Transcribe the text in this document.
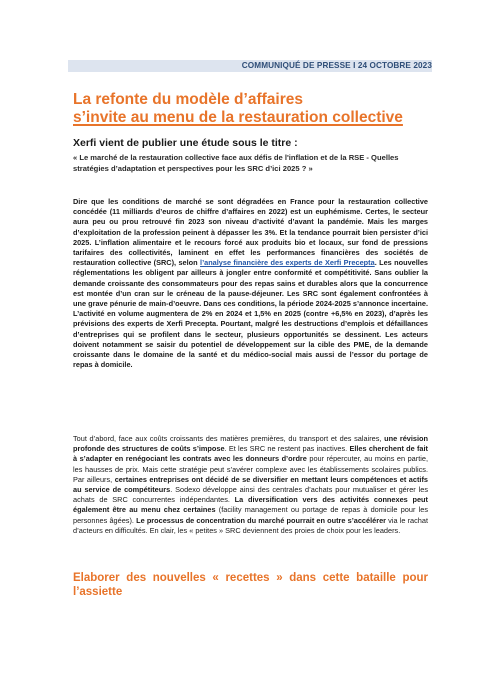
COMMUNIQUÉ DE PRESSE I 24 OCTOBRE 2023
La refonte du modèle d’affaires
s’invite au menu de la restauration collective
Xerfi vient de publier une étude sous le titre :
« Le marché de la restauration collective face aux défis de l'inflation et de la RSE - Quelles stratégies d’adaptation et perspectives pour les SRC d’ici 2025 ? »
Dire que les conditions de marché se sont dégradées en France pour la restauration collective concédée (11 milliards d’euros de chiffre d’affaires en 2022) est un euphémisme. Certes, le secteur aura peu ou prou retrouvé fin 2023 son niveau d’activité d’avant la pandémie. Mais les marges d’exploitation de la profession peinent à dépasser les 3%. Et la tendance pourrait bien persister d’ici 2025. L’inflation alimentaire et le recours forcé aux produits bio et locaux, sur fond de pressions tarifaires des collectivités, laminent en effet les performances financières des sociétés de restauration collective (SRC), selon l’analyse financière des experts de Xerfi Precepta. Les nouvelles réglementations les obligent par ailleurs à jongler entre conformité et compétitivité. Sans oublier la demande croissante des consommateurs pour des repas sains et durables alors que la concurrence est montée d’un cran sur le créneau de la pause-déjeuner. Les SRC sont également confrontées à une grave pénurie de main-d’oeuvre. Dans ces conditions, la période 2024-2025 s’annonce incertaine. L’activité en volume augmentera de 2% en 2024 et 1,5% en 2025 (contre +6,5% en 2023), d’après les prévisions des experts de Xerfi Precepta. Pourtant, malgré les destructions d’emplois et défaillances d’entreprises qui se profilent dans le secteur, plusieurs opportunités se dessinent. Les acteurs doivent notamment se saisir du potentiel de développement sur la cible des PME, de la demande croissante dans le domaine de la santé et du médico-social mais aussi de l’essor du portage de repas à domicile.
Tout d’abord, face aux coûts croissants des matières premières, du transport et des salaires, une révision profonde des structures de coûts s’impose. Et les SRC ne restent pas inactives. Elles cherchent de fait à s’adapter en renégociant les contrats avec les donneurs d’ordre pour répercuter, au moins en partie, les hausses de prix. Mais cette stratégie peut s’avérer complexe avec les établissements scolaires publics. Par ailleurs, certaines entreprises ont décidé de se diversifier en mettant leurs compétences et actifs au service de compétiteurs. Sodexo développe ainsi des centrales d’achats pour mutualiser et gérer les achats de SRC concurrentes indépendantes. La diversification vers des activités connexes peut également être au menu chez certaines (facility management ou portage de repas à domicile pour les personnes âgées). Le processus de concentration du marché pourrait en outre s’accélérer via le rachat d’acteurs en difficultés. En clair, les « petites » SRC deviennent des proies de choix pour les leaders.
Elaborer des nouvelles « recettes » dans cette bataille pour l’assiette
